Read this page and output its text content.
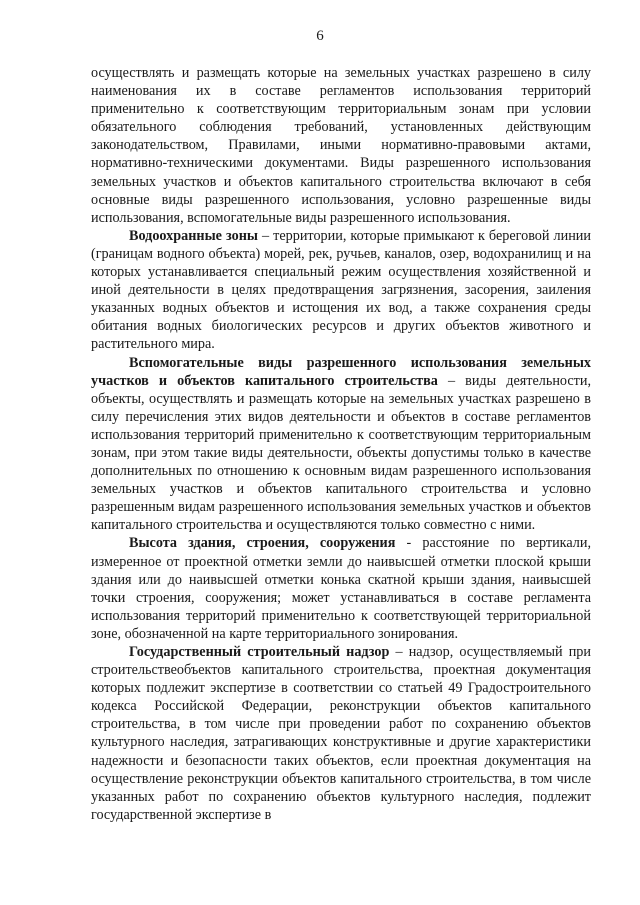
6

осуществлять и размещать которые на земельных участках разрешено в силу наименования их в составе регламентов использования территорий применительно к соответствующим территориальным зонам при условии обязательного соблюдения требований, установленных действующим законодательством, Правилами, иными нормативно-правовыми актами, нормативно-техническими документами. Виды разрешенного использования земельных участков и объектов капитального строительства включают в себя основные виды разрешенного использования, условно разрешенные виды использования, вспомогательные виды разрешенного использования.

Водоохранные зоны – территории, которые примыкают к береговой линии (границам водного объекта) морей, рек, ручьев, каналов, озер, водохранилищ и на которых устанавливается специальный режим осуществления хозяйственной и иной деятельности в целях предотвращения загрязнения, засорения, заиления указанных водных объектов и истощения их вод, а также сохранения среды обитания водных биологических ресурсов и других объектов животного и растительного мира.

Вспомогательные виды разрешенного использования земельных участков и объектов капитального строительства – виды деятельности, объекты, осуществлять и размещать которые на земельных участках разрешено в силу перечисления этих видов деятельности и объектов в составе регламентов использования территорий применительно к соответствующим территориальным зонам, при этом такие виды деятельности, объекты допустимы только в качестве дополнительных по отношению к основным видам разрешенного использования земельных участков и объектов капитального строительства и условно разрешенным видам разрешенного использования земельных участков и объектов капитального строительства и осуществляются только совместно с ними.

Высота здания, строения, сооружения - расстояние по вертикали, измеренное от проектной отметки земли до наивысшей отметки плоской крыши здания или до наивысшей отметки конька скатной крыши здания, наивысшей точки строения, сооружения; может устанавливаться в составе регламента использования территорий применительно к соответствующей территориальной зоне, обозначенной на карте территориального зонирования.

Государственный строительный надзор – надзор, осуществляемый при строительствеобъектов капитального строительства, проектная документация которых подлежит экспертизе в соответствии со статьей 49 Градостроительного кодекса Российской Федерации, реконструкции объектов капитального строительства, в том числе при проведении работ по сохранению объектов культурного наследия, затрагивающих конструктивные и другие характеристики надежности и безопасности таких объектов, если проектная документация на осуществление реконструкции объектов капитального строительства, в том числе указанных работ по сохранению объектов культурного наследия, подлежит государственной экспертизе в
